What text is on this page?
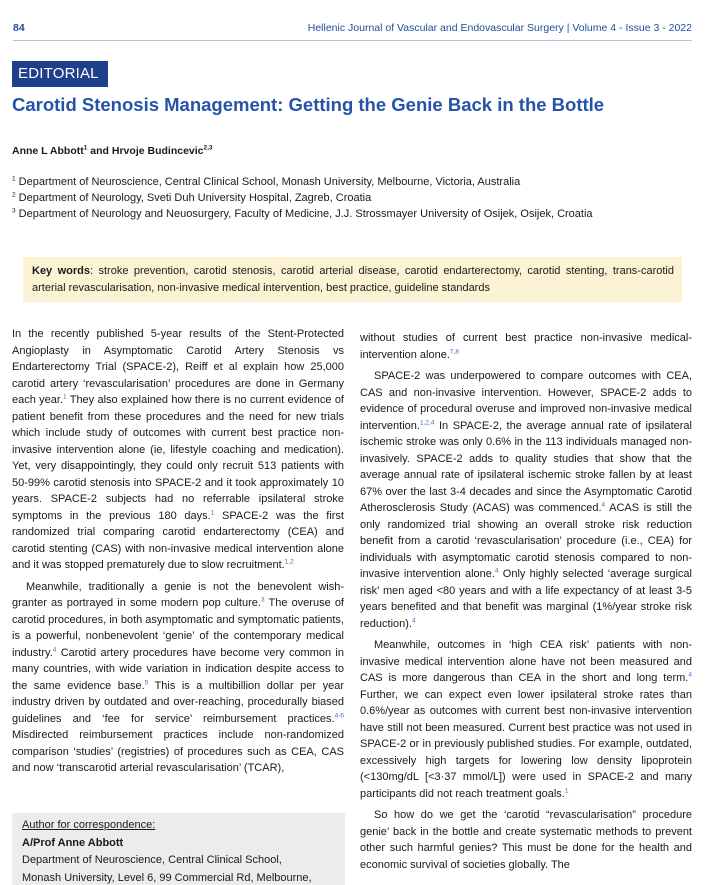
84	Hellenic Journal of Vascular and Endovascular Surgery | Volume 4 - Issue 3 - 2022
EDITORIAL
Carotid Stenosis Management: Getting the Genie Back in the Bottle
Anne L Abbott$^1$ and Hrvoje Budincevic$^{2,3}$
$^1$ Department of Neuroscience, Central Clinical School, Monash University, Melbourne, Victoria, Australia
$^2$ Department of Neurology, Sveti Duh University Hospital, Zagreb, Croatia
$^3$ Department of Neurology and Neuosurgery, Faculty of Medicine, J.J. Strossmayer University of Osijek, Osijek, Croatia
Key words: stroke prevention, carotid stenosis, carotid arterial disease, carotid endarterectomy, carotid stenting, trans-carotid arterial revascularisation, non-invasive medical intervention, best practice, guideline standards

In the recently published 5-year results of the Stent-Protected Angioplasty in Asymptomatic Carotid Artery Stenosis vs Endarterectomy Trial (SPACE-2), Reiff et al explain how 25,000 carotid artery ‘revascularisation’ procedures are done in Germany each year.$^1$ They also explained how there is no current evidence of patient benefit from these procedures and the need for new trials which include study of outcomes with current best practice non-invasive intervention alone (ie, lifestyle coaching and medication). Yet, very disappointingly, they could only recruit 513 patients with 50-99% carotid stenosis into SPACE-2 and it took approximately 10 years. SPACE-2 subjects had no referrable ipsilateral stroke symptoms in the previous 180 days.$^1$ SPACE-2 was the first randomized trial comparing carotid endarterectomy (CEA) and carotid stenting (CAS) with non-invasive medical intervention alone and it was stopped prematurely due to slow recruitment.$^{1,2}$

Meanwhile, traditionally a genie is not the benevolent wish-granter as portrayed in some modern pop culture.$^3$ The overuse of carotid procedures, in both asymptomatic and symptomatic patients, is a powerful, nonbenevolent ‘genie’ of the contemporary medical industry.$^4$ Carotid artery procedures have become very common in many countries, with wide variation in indication despite access to the same evidence base.$^5$ This is a multibillion dollar per year industry driven by outdated and over-reaching, procedurally biased guidelines and ‘fee for service’ reimbursement practices.$^{4-6}$ Misdirected reimbursement practices include non-randomized comparison ‘studies’ (registries) of procedures such as CEA, CAS and now ‘transcarotid arterial revascularisation’ (TCAR),

Author for correspondence:
A/Prof Anne Abbott
Department of Neuroscience, Central Clinical School,
Monash University, Level 6, 99 Commercial Rd, Melbourne,

without studies of current best practice non-invasive medical-intervention alone.$^{7,8}$

SPACE-2 was underpowered to compare outcomes with CEA, CAS and non-invasive intervention. However, SPACE-2 adds to evidence of procedural overuse and improved non-invasive medical intervention.$^{1,2,4}$ In SPACE-2, the average annual rate of ipsilateral ischemic stroke was only 0.6% in the 113 individuals managed non-invasively. SPACE-2 adds to quality studies that show that the average annual rate of ipsilateral ischemic stroke fallen by at least 67% over the last 3-4 decades and since the Asymptomatic Carotid Atherosclerosis Study (ACAS) was commenced.$^4$ ACAS is still the only randomized trial showing an overall stroke risk reduction benefit from a carotid ‘revascularisation’ procedure (i.e., CEA) for individuals with asymptomatic carotid stenosis compared to non-invasive intervention alone.$^4$ Only highly selected ‘average surgical risk’ men aged <80 years and with a life expectancy of at least 3-5 years benefited and that benefit was marginal (1%/year stroke risk reduction).$^4$

Meanwhile, outcomes in ‘high CEA risk’ patients with non-invasive medical intervention alone have not been measured and CAS is more dangerous than CEA in the short and long term.$^4$ Further, we can expect even lower ipsilateral stroke rates than 0.6%/year as outcomes with current best non-invasive intervention have still not been measured. Current best practice was not used in SPACE-2 or in previously published studies. For example, outdated, excessively high targets for lowering low density lipoprotein (<130mg/dL [<3·37 mmol/L]) were used in SPACE-2 and many participants did not reach treatment goals.$^1$

So how do we get the ‘carotid “revascularisation” procedure genie’ back in the bottle and create systematic methods to prevent other such harmful genies? This must be done for the health and economic survival of societies globally. The
